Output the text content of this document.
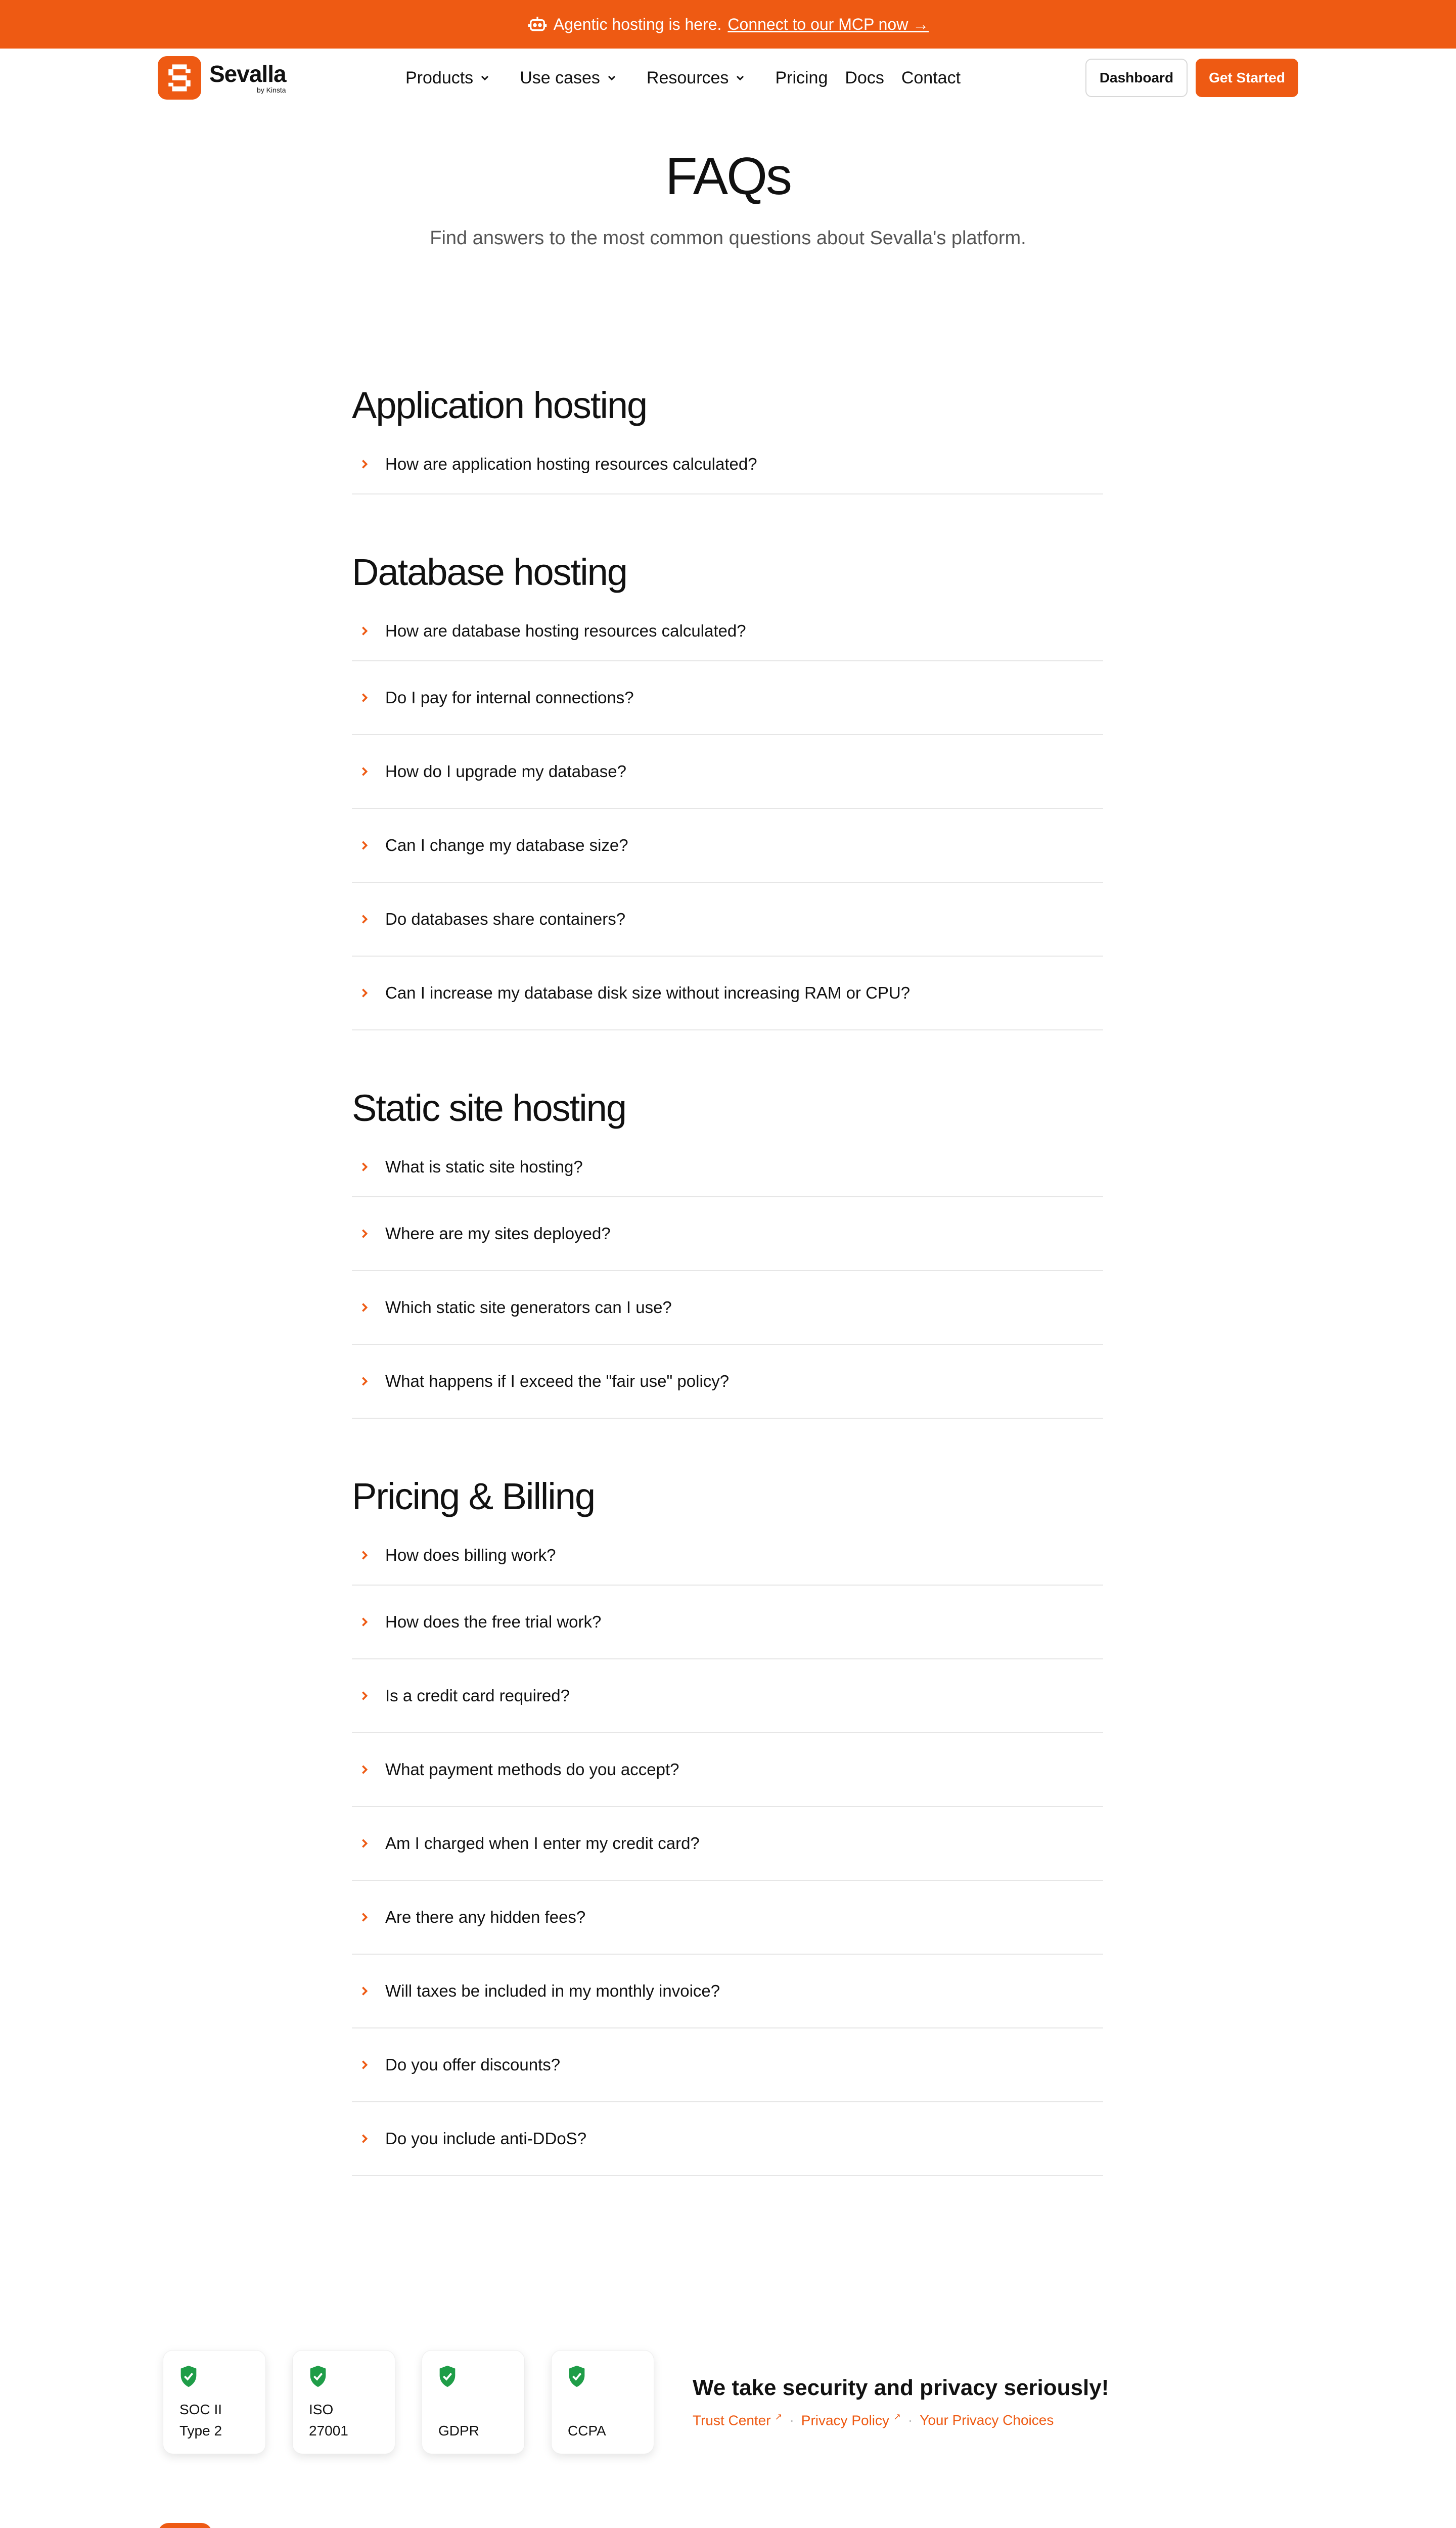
Agentic hosting is here. Connect to our MCP now →
Sevalla
by Kinsta
Products	Use cases	Resources	Pricing Docs Contact	Dashboard	Get Started
FAQs

Find answers to the most common questions about Sevalla's platform.

Application hosting
How are application hosting resources calculated?
Database hosting
How are database hosting resources calculated?
Do I pay for internal connections?
How do I upgrade my database?
Can I change my database size?
Do databases share containers?
Can I increase my database disk size without increasing RAM or CPU?
Static site hosting
What is static site hosting?
Where are my sites deployed?
Which static site generators can I use?
What happens if I exceed the "fair use" policy?
Pricing & Billing
How does billing work?
How does the free trial work?
Is a credit card required?
What payment methods do you accept?
Am I charged when I enter my credit card?
Are there any hidden fees?
Will taxes be included in my monthly invoice?
Do you offer discounts?
Do you include anti-DDoS?
SOC II
Type 2
ISO
27001
	GDPR
	CCPA
We take security and privacy seriously!
Trust Center ↗ · Privacy Policy ↗ · Your Privacy Choices
